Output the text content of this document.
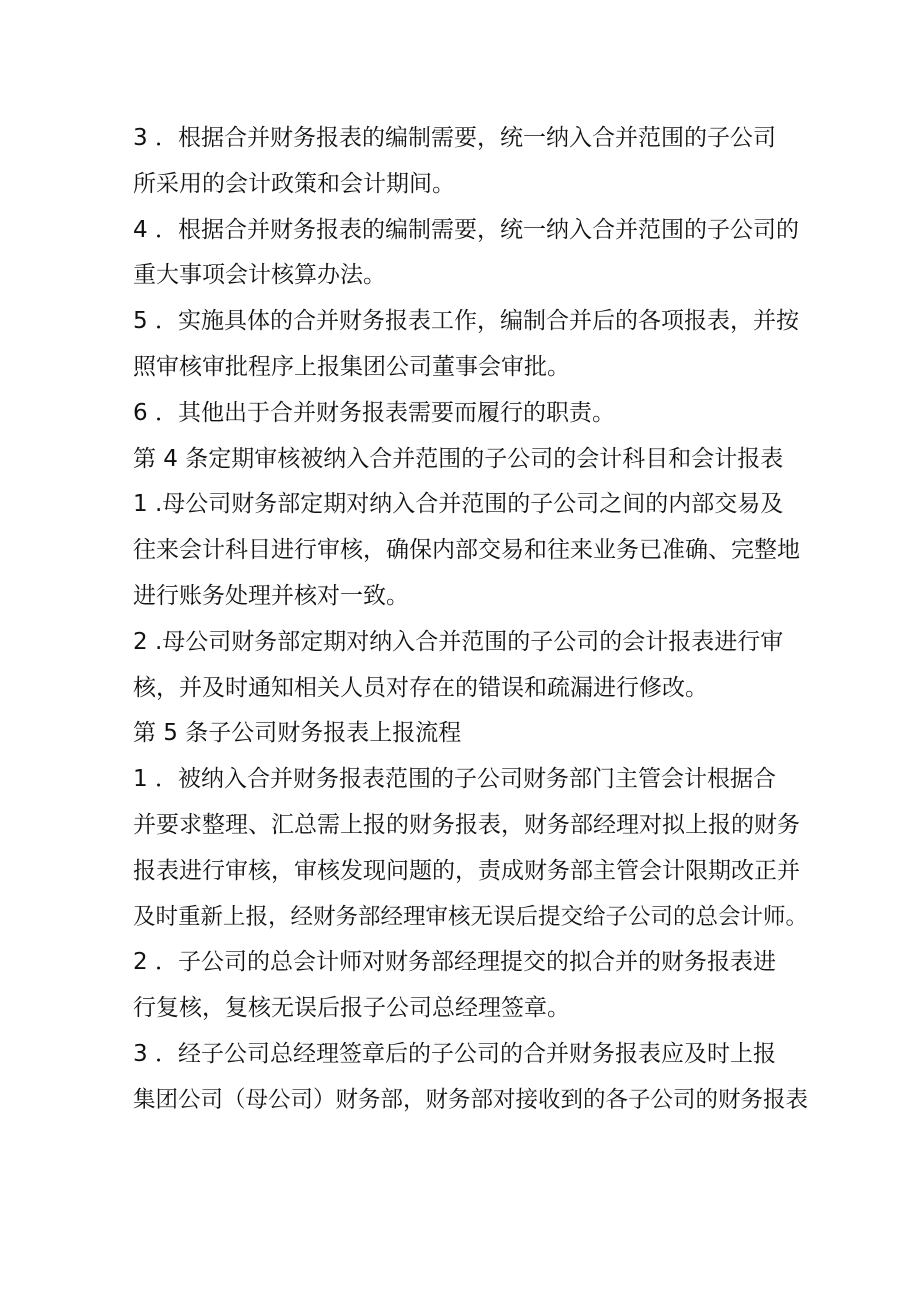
3 ．根据合并财务报表的编制需要，统一纳入合并范围的子公司
所采用的会计政策和会计期间。
4 ．根据合并财务报表的编制需要，统一纳入合并范围的子公司的
重大事项会计核算办法。
5 ．实施具体的合并财务报表工作，编制合并后的各项报表，并按
照审核审批程序上报集团公司董事会审批。
6 ．其他出于合并财务报表需要而履行的职责。
第 4 条定期审核被纳入合并范围的子公司的会计科目和会计报表
1 .母公司财务部定期对纳入合并范围的子公司之间的内部交易及
往来会计科目进行审核，确保内部交易和往来业务已准确、完整地
进行账务处理并核对一致。
2 .母公司财务部定期对纳入合并范围的子公司的会计报表进行审
核，并及时通知相关人员对存在的错误和疏漏进行修改。
第 5 条子公司财务报表上报流程
1 ．被纳入合并财务报表范围的子公司财务部门主管会计根据合
并要求整理、汇总需上报的财务报表，财务部经理对拟上报的财务
报表进行审核，审核发现问题的，责成财务部主管会计限期改正并
及时重新上报，经财务部经理审核无误后提交给子公司的总会计师。
2 ．子公司的总会计师对财务部经理提交的拟合并的财务报表进
行复核，复核无误后报子公司总经理签章。
3 ．经子公司总经理签章后的子公司的合并财务报表应及时上报
集团公司（母公司）财务部，财务部对接收到的各子公司的财务报表
